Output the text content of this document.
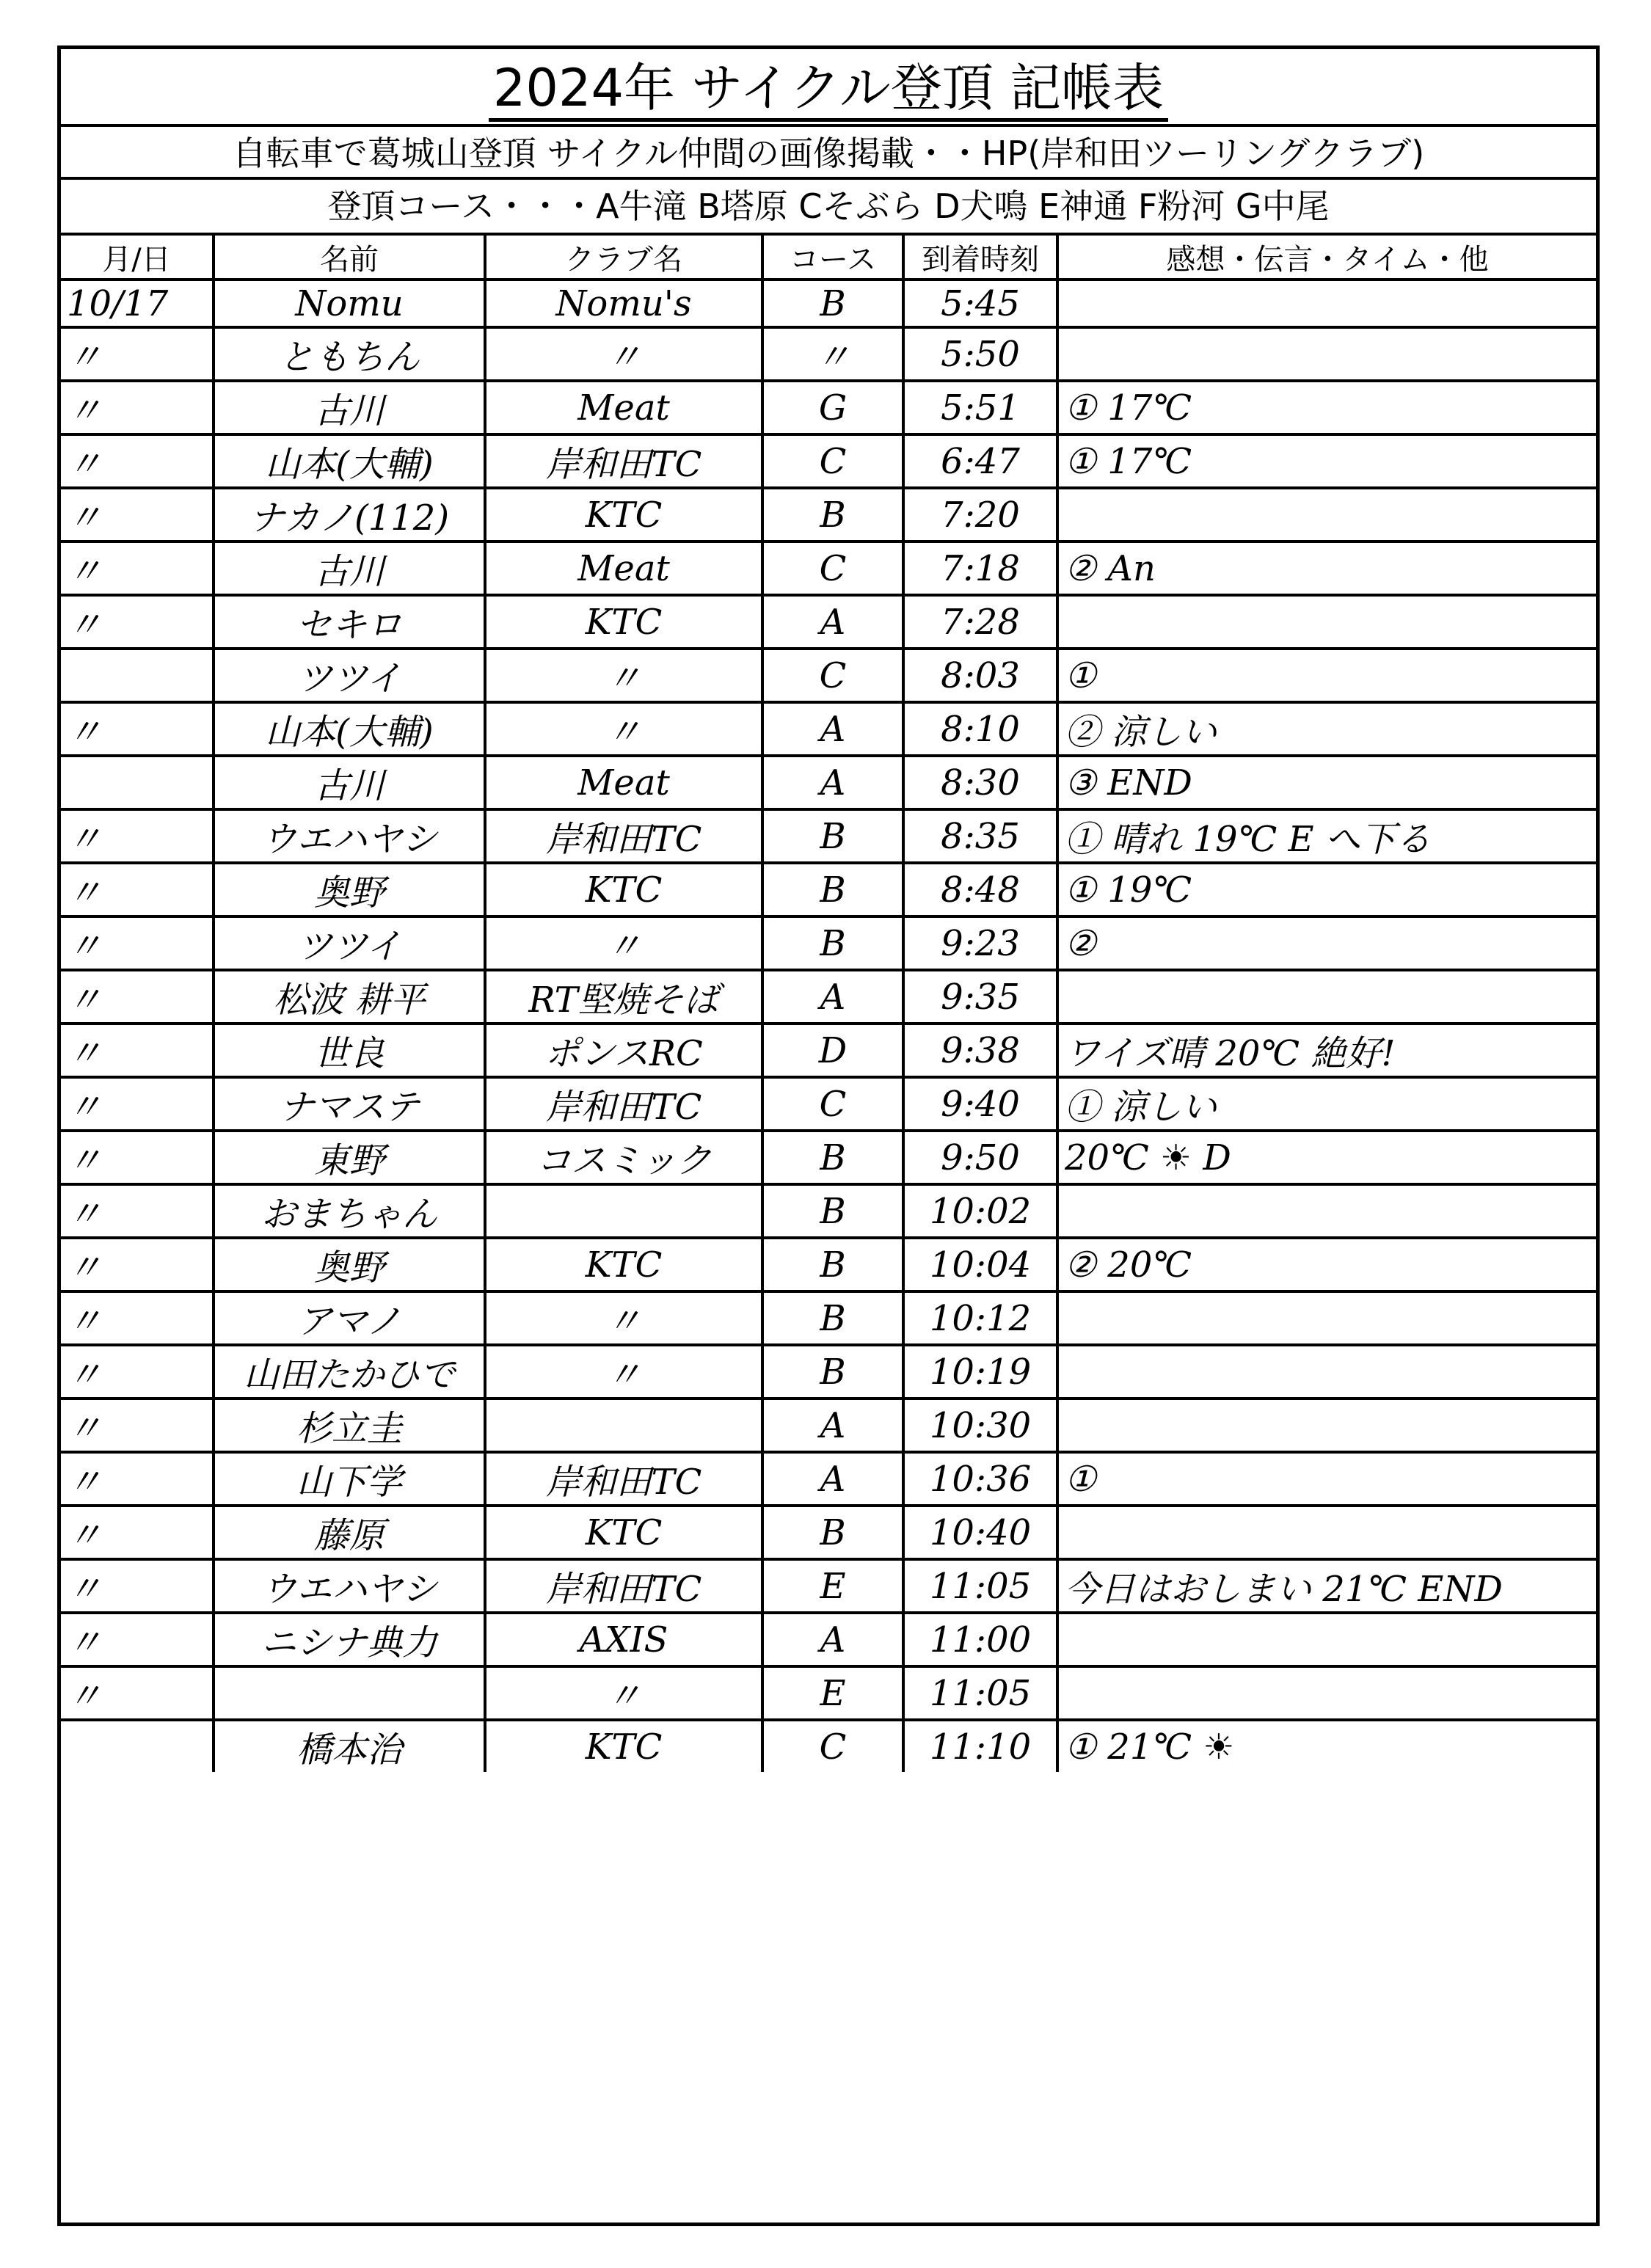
2024年 サイクル登頂 記帳表
自転車で葛城山登頂 サイクル仲間の画像掲載・・HP(岸和田ツーリングクラブ)
登頂コース・・・A牛滝 B塔原 Cそぶら D犬鳴 E神通 F粉河 G中尾
月/日	名前	クラブ名	コース	到着時刻	感想・伝言・タイム・他
10/17	Nomu	Nomu's	B	5:45	
〃	ともちん	〃	〃	5:50	
〃	古川	Meat	G	5:51	① 17℃
〃	山本(大輔)	岸和田TC	C	6:47	① 17℃
〃	ナカノ(112)	KTC	B	7:20	
〃	古川	Meat	C	7:18	② An
〃	セキロ	KTC	A	7:28	
	ツツイ	〃	C	8:03	①
〃	山本(大輔)	〃	A	8:10	② 涼しい
	古川	Meat	A	8:30	③ END
〃	ウエハヤシ	岸和田TC	B	8:35	① 晴れ 19℃ E へ下る
〃	奥野	KTC	B	8:48	① 19℃
〃	ツツイ	〃	B	9:23	②
〃	松波 耕平	RT堅焼そば	A	9:35	
〃	世良	ポンスRC	D	9:38	ワイズ晴 20℃ 絶好!
〃	ナマステ	岸和田TC	C	9:40	① 涼しい
〃	東野	コスミック	B	9:50	20℃ ☀ D
〃	おまちゃん		B	10:02	
〃	奥野	KTC	B	10:04	② 20℃
〃	アマノ	〃	B	10:12	
〃	山田たかひで	〃	B	10:19	
〃	杉立圭		A	10:30	
〃	山下学	岸和田TC	A	10:36	①
〃	藤原	KTC	B	10:40	
〃	ウエハヤシ	岸和田TC	E	11:05	今日はおしまい 21℃ END
〃	ニシナ典力	AXIS	A	11:00	
〃		〃	E	11:05	
	橋本治	KTC	C	11:10	① 21℃ ☀
